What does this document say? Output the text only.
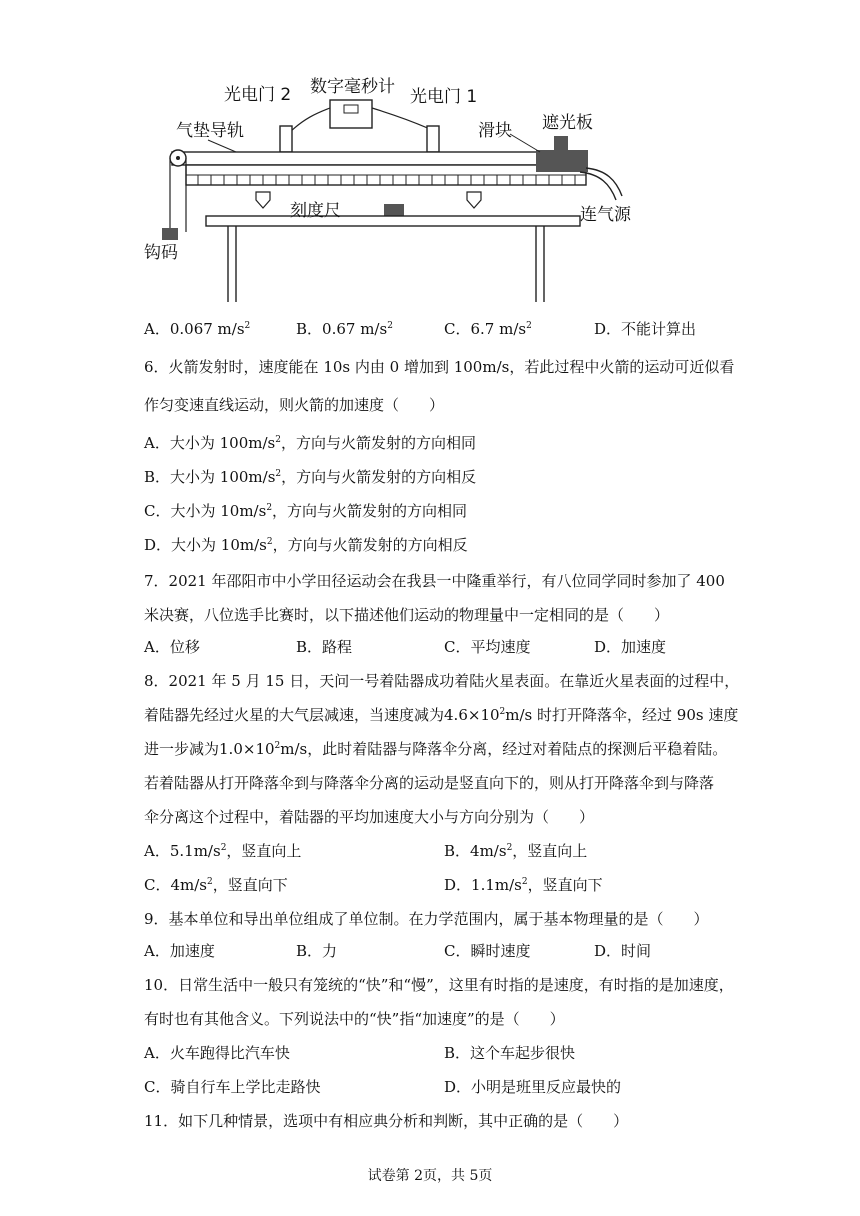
光电门 2 数字毫秒计 光电门 1
气垫导轨	滑块 遮光板
刻度尺	连气源
钩码
A．0.067 $m/s^2$	B．0.67 $m/s^2$	C．6.7 $m/s^2$	D．不能计算出
6．火箭发射时，速度能在 10s 内由 0 增加到 100m/s，若此过程中火箭的运动可近似看
作匀变速直线运动，则火箭的加速度（　　）
A．大小为 $100m/s^2$，方向与火箭发射的方向相同
B．大小为 $100m/s^2$，方向与火箭发射的方向相反
C．大小为 $10m/s^2$，方向与火箭发射的方向相同
D．大小为 $10m/s^2$，方向与火箭发射的方向相反
7．2021 年邵阳市中小学田径运动会在我县一中隆重举行，有八位同学同时参加了 400
米决赛，八位选手比赛时，以下描述他们运动的物理量中一定相同的是（　　）
A．位移	B．路程	C．平均速度	D．加速度
8．2021 年 5 月 15 日，天问一号着陆器成功着陆火星表面。在靠近火星表面的过程中，
着陆器先经过火星的大气层减速，当速度减为$4.6\times 10^2m/s$ 时打开降落伞，经过 90s 速度
进一步减为$1.0\times 10^2m/s$，此时着陆器与降落伞分离，经过对着陆点的探测后平稳着陆。
若着陆器从打开降落伞到与降落伞分离的运动是竖直向下的，则从打开降落伞到与降落
伞分离这个过程中，着陆器的平均加速度大小与方向分别为（　　）
A．$5.1m/s^2$，竖直向上	B．$4m/s^2$，竖直向上
C．$4m/s^2$，竖直向下	D．$1.1m/s^2$，竖直向下
9．基本单位和导出单位组成了单位制。在力学范围内，属于基本物理量的是（　　）
A．加速度	B．力	C．瞬时速度	D．时间
10．日常生活中一般只有笼统的“快”和“慢”，这里有时指的是速度，有时指的是加速度，
有时也有其他含义。下列说法中的“快”指“加速度”的是（　　）
A．火车跑得比汽车快	B．这个车起步很快
C．骑自行车上学比走路快	D．小明是班里反应最快的
11．如下几种情景，选项中有相应典分析和判断，其中正确的是（　　）
试卷第 2页，共 5页
